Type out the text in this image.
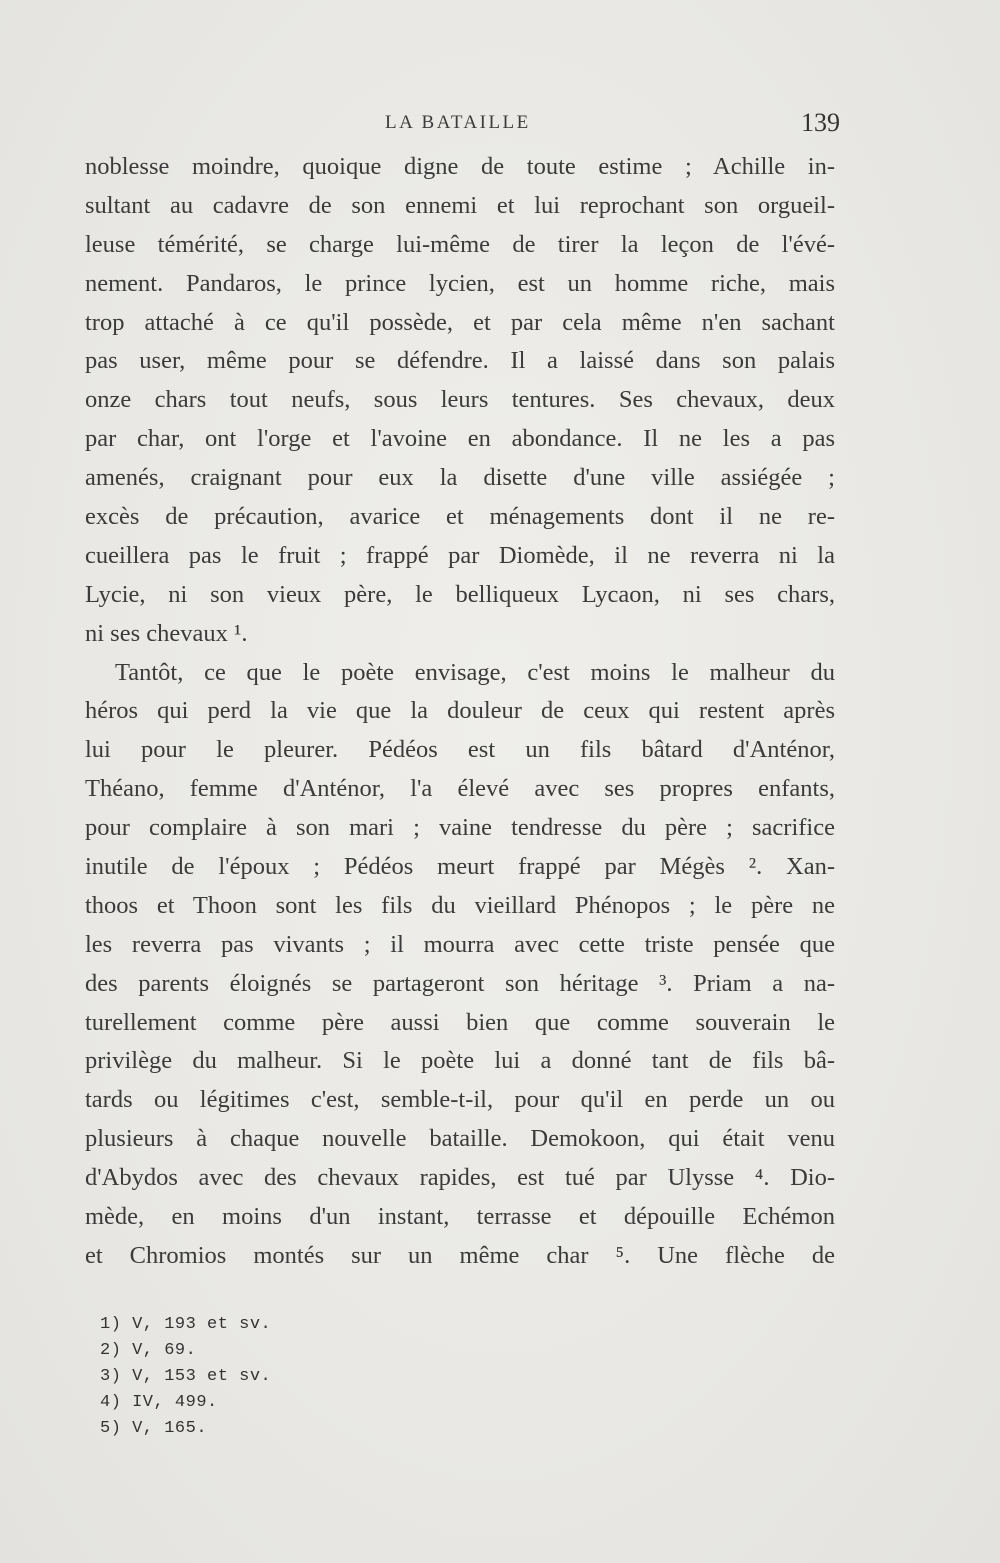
LA BATAILLE	139
noblesse moindre, quoique digne de toute estime ; Achille in-
sultant au cadavre de son ennemi et lui reprochant son orgueil-
leuse témérité, se charge lui-même de tirer la leçon de l'évé-
nement. Pandaros, le prince lycien, est un homme riche, mais
trop attaché à ce qu'il possède, et par cela même n'en sachant
pas user, même pour se défendre. Il a laissé dans son palais
onze chars tout neufs, sous leurs tentures. Ses chevaux, deux
par char, ont l'orge et l'avoine en abondance. Il ne les a pas
amenés, craignant pour eux la disette d'une ville assiégée ;
excès de précaution, avarice et ménagements dont il ne re-
cueillera pas le fruit ; frappé par Diomède, il ne reverra ni la
Lycie, ni son vieux père, le belliqueux Lycaon, ni ses chars,
ni ses chevaux ¹.
Tantôt, ce que le poète envisage, c'est moins le malheur du
héros qui perd la vie que la douleur de ceux qui restent après
lui pour le pleurer. Pédéos est un fils bâtard d'Anténor,
Théano, femme d'Anténor, l'a élevé avec ses propres enfants,
pour complaire à son mari ; vaine tendresse du père ; sacrifice
inutile de l'époux ; Pédéos meurt frappé par Mégès ². Xan-
thoos et Thoon sont les fils du vieillard Phénopos ; le père ne
les reverra pas vivants ; il mourra avec cette triste pensée que
des parents éloignés se partageront son héritage ³. Priam a na-
turellement comme père aussi bien que comme souverain le
privilège du malheur. Si le poète lui a donné tant de fils bâ-
tards ou légitimes c'est, semble-t-il, pour qu'il en perde un ou
plusieurs à chaque nouvelle bataille. Demokoon, qui était venu
d'Abydos avec des chevaux rapides, est tué par Ulysse ⁴. Dio-
mède, en moins d'un instant, terrasse et dépouille Echémon
et Chromios montés sur un même char ⁵. Une flèche de
1) V, 193 et sv.
2) V, 69.
3) V, 153 et sv.
4) IV, 499.
5) V, 165.
